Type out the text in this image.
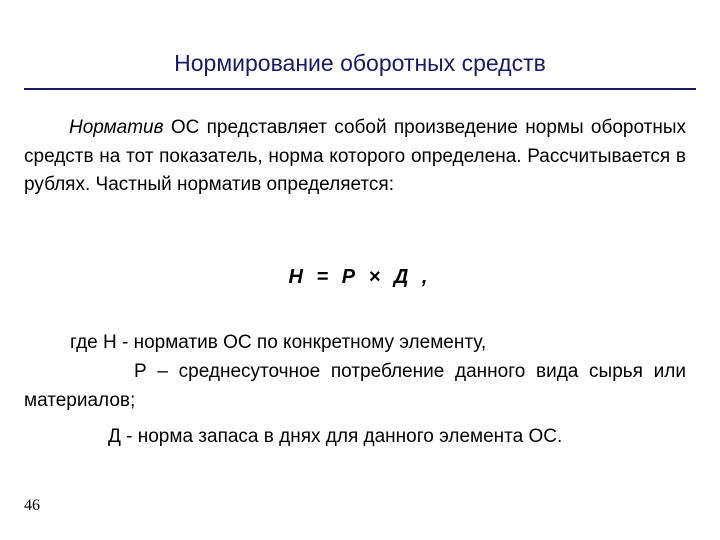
Нормирование оборотных средств
Норматив ОС представляет собой произведение нормы оборотных средств на тот показатель, норма которого определена. Рассчитывается в рублях. Частный норматив определяется:
Н = Р × Д ,
где Н - норматив ОС по конкретному элементу,
Р – среднесуточное потребление данного вида сырья или материалов;
Д - норма запаса в днях для данного элемента ОС.
46
